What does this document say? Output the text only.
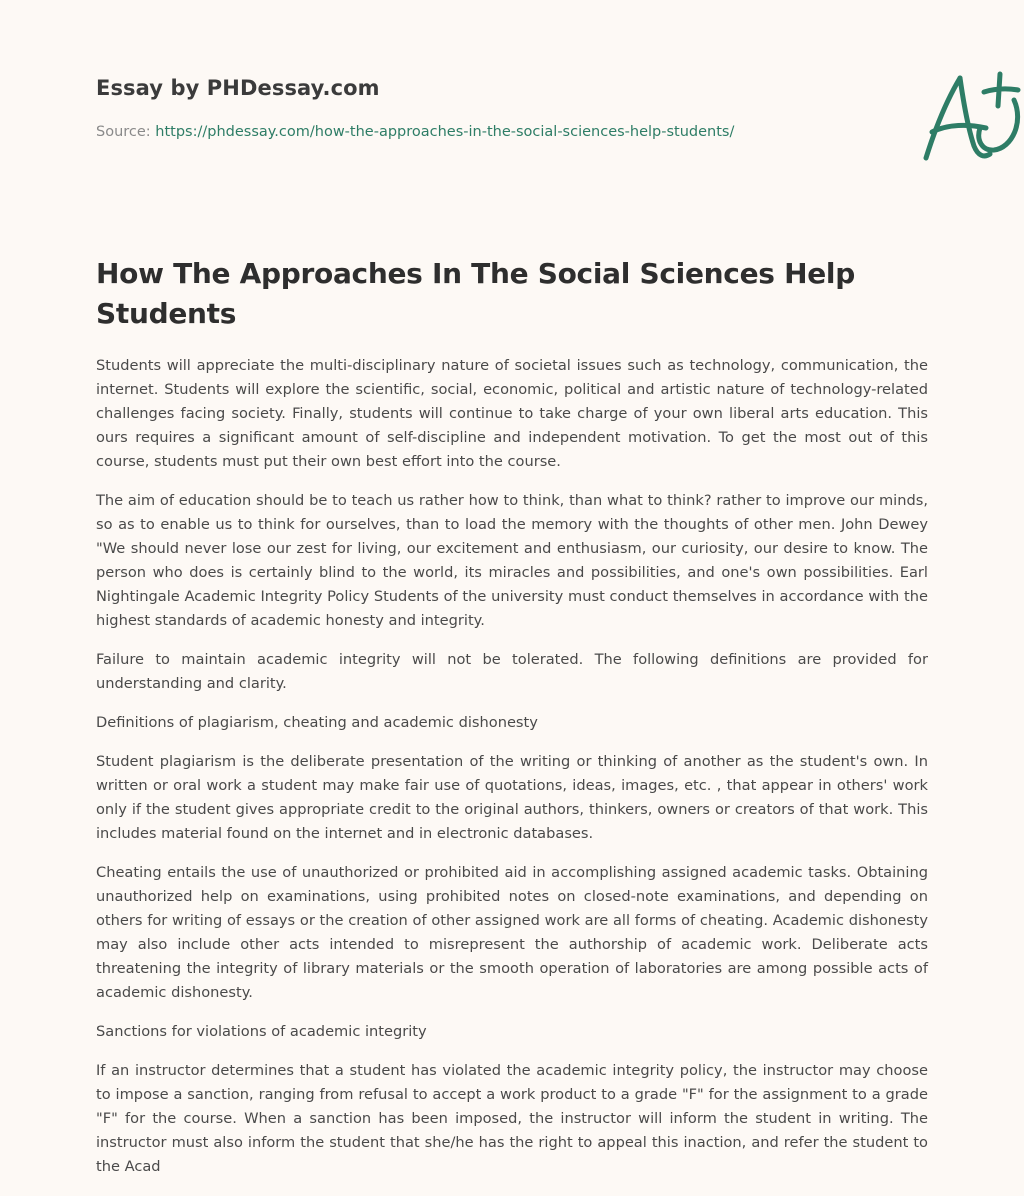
Essay by PHDessay.com
Source: https://phdessay.com/how-the-approaches-in-the-social-sciences-help-students/
How The Approaches In The Social Sciences Help Students

Students will appreciate the multi-disciplinary nature of societal issues such as technology, communication, the internet. Students will explore the scientific, social, economic, political and artistic nature of technology-related challenges facing society. Finally, students will continue to take charge of your own liberal arts education. This ours requires a significant amount of self-discipline and independent motivation. To get the most out of this course, students must put their own best effort into the course.

The aim of education should be to teach us rather how to think, than what to think? rather to improve our minds, so as to enable us to think for ourselves, than to load the memory with the thoughts of other men. John Dewey "We should never lose our zest for living, our excitement and enthusiasm, our curiosity, our desire to know. The person who does is certainly blind to the world, its miracles and possibilities, and one's own possibilities. Earl Nightingale Academic Integrity Policy Students of the university must conduct themselves in accordance with the highest standards of academic honesty and integrity.

Failure to maintain academic integrity will not be tolerated. The following definitions are provided for understanding and clarity.

Definitions of plagiarism, cheating and academic dishonesty

Student plagiarism is the deliberate presentation of the writing or thinking of another as the student's own. In written or oral work a student may make fair use of quotations, ideas, images, etc. , that appear in others' work only if the student gives appropriate credit to the original authors, thinkers, owners or creators of that work. This includes material found on the internet and in electronic databases.

Cheating entails the use of unauthorized or prohibited aid in accomplishing assigned academic tasks. Obtaining unauthorized help on examinations, using prohibited notes on closed-note examinations, and depending on others for writing of essays or the creation of other assigned work are all forms of cheating. Academic dishonesty may also include other acts intended to misrepresent the authorship of academic work. Deliberate acts threatening the integrity of library materials or the smooth operation of laboratories are among possible acts of academic dishonesty.

Sanctions for violations of academic integrity

If an instructor determines that a student has violated the academic integrity policy, the instructor may choose to impose a sanction, ranging from refusal to accept a work product to a grade "F" for the assignment to a grade "F" for the course. When a sanction has been imposed, the instructor will inform the student in writing. The instructor must also inform the student that she/he has the right to appeal this inaction, and refer the student to the Acad
